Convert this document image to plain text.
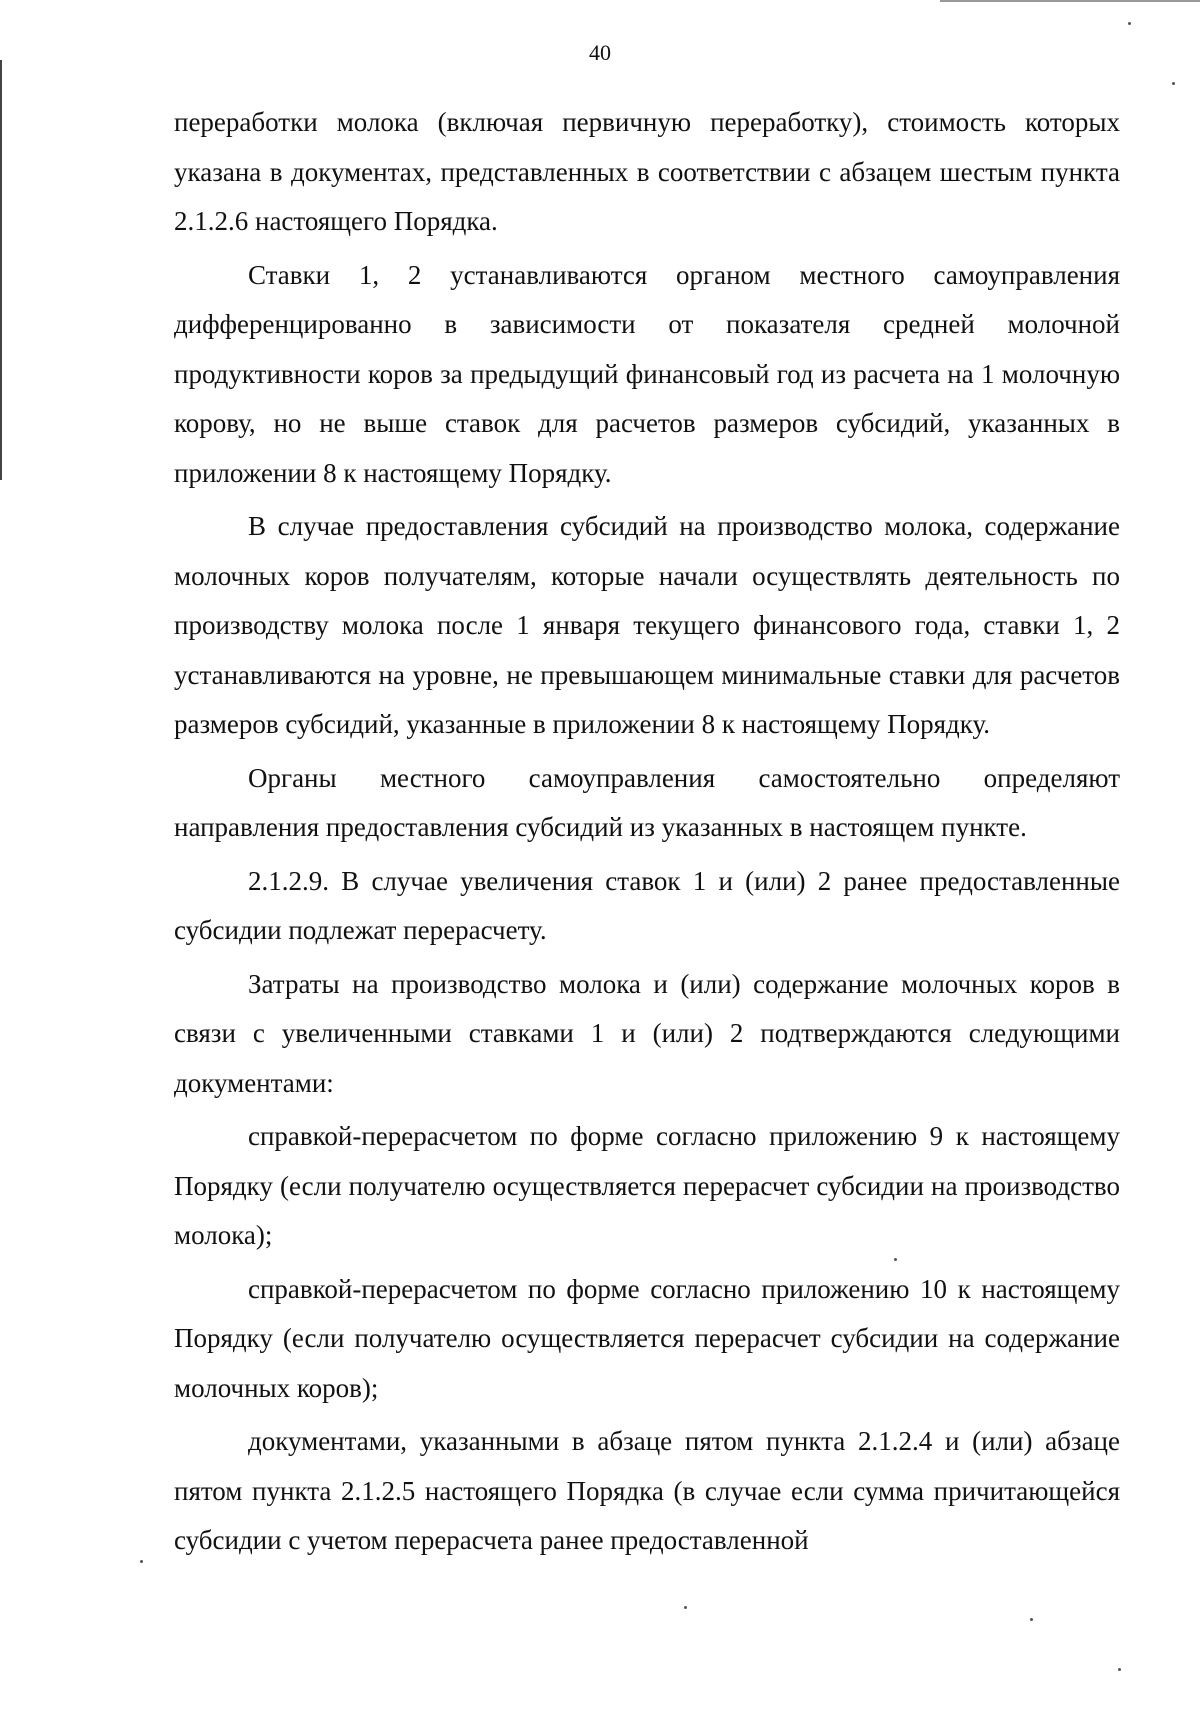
40

переработки молока (включая первичную переработку), стоимость которых указана в документах, представленных в соответствии с абзацем шестым пункта 2.1.2.6 настоящего Порядка.

Ставки 1, 2 устанавливаются органом местного самоуправления дифференцированно в зависимости от показателя средней молочной продуктивности коров за предыдущий финансовый год из расчета на 1 молочную корову, но не выше ставок для расчетов размеров субсидий, указанных в приложении 8 к настоящему Порядку.

В случае предоставления субсидий на производство молока, содержание молочных коров получателям, которые начали осуществлять деятельность по производству молока после 1 января текущего финансового года, ставки 1, 2 устанавливаются на уровне, не превышающем минимальные ставки для расчетов размеров субсидий, указанные в приложении 8 к настоящему Порядку.

Органы местного самоуправления самостоятельно определяют направления предоставления субсидий из указанных в настоящем пункте.

2.1.2.9. В случае увеличения ставок 1 и (или) 2 ранее предоставленные субсидии подлежат перерасчету.

Затраты на производство молока и (или) содержание молочных коров в связи с увеличенными ставками 1 и (или) 2 подтверждаются следующими документами:

справкой-перерасчетом по форме согласно приложению 9 к настоящему Порядку (если получателю осуществляется перерасчет субсидии на производство молока);

справкой-перерасчетом по форме согласно приложению 10 к настоящему Порядку (если получателю осуществляется перерасчет субсидии на содержание молочных коров);

документами, указанными в абзаце пятом пункта 2.1.2.4 и (или) абзаце пятом пункта 2.1.2.5 настоящего Порядка (в случае если сумма причитающейся субсидии с учетом перерасчета ранее предоставленной
